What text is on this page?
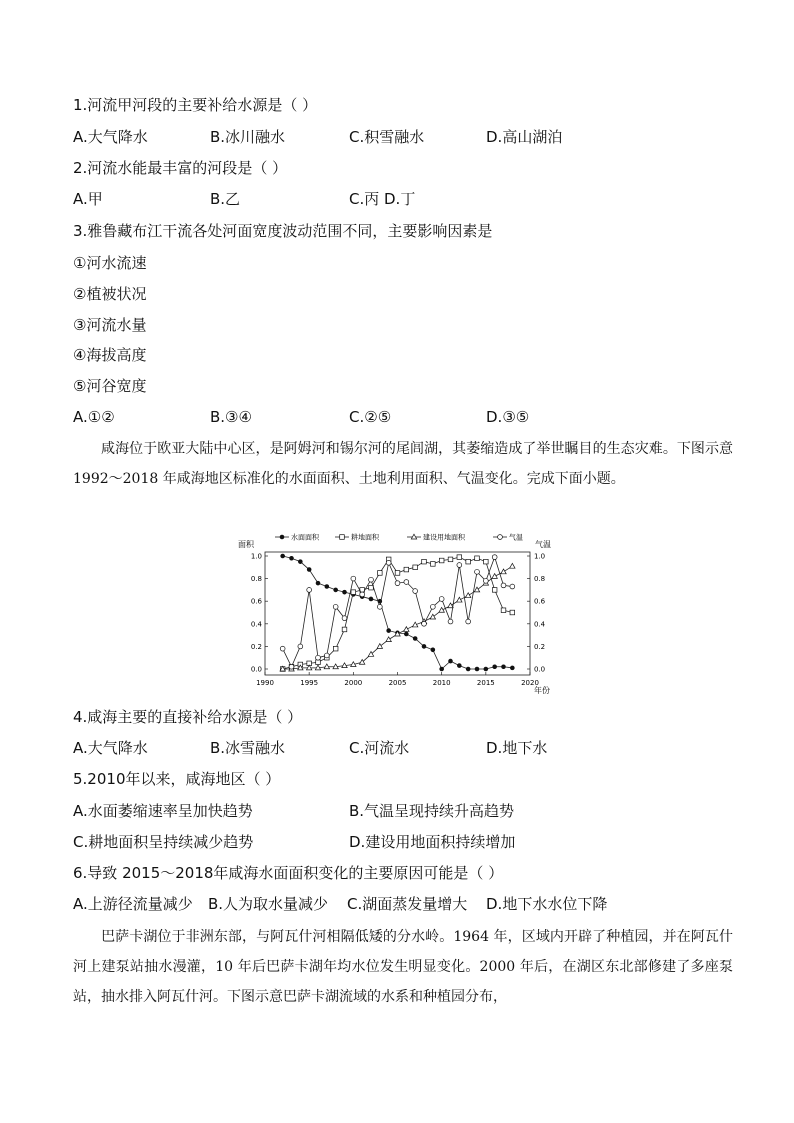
1.河流甲河段的主要补给水源是（ ）
A.大气降水	B.冰川融水	C.积雪融水	D.高山湖泊
2.河流水能最丰富的河段是（ ）
A.甲	B.乙	C.丙 D.丁
3.雅鲁藏布江干流各处河面宽度波动范围不同，主要影响因素是
①河水流速
②植被状况
③河流水量
④海拔高度
⑤河谷宽度
A.①②	B.③④	C.②⑤	D.③⑤
咸海位于欧亚大陆中心区，是阿姆河和锡尔河的尾闾湖，其萎缩造成了举世瞩目的生态灾难。下图示意 1992～2018 年咸海地区标准化的水面面积、土地利用面积、气温变化。完成下面小题。
水面面积	耕地面积	建设用地面积	气温
面积	气温
1990	1995	2000	2005	2010	2015	2020
0.0	0.0
0.2	0.2
0.4	0.4
0.6	0.6
0.8	0.8
1.0	1.0
年份
4.咸海主要的直接补给水源是（ ）
A.大气降水	B.冰雪融水	C.河流水	D.地下水
5.2010年以来，咸海地区（ ）
A.水面萎缩速率呈加快趋势	B.气温呈现持续升高趋势
C.耕地面积呈持续减少趋势	D.建设用地面积持续增加
6.导致 2015～2018年咸海水面面积变化的主要原因可能是（ ）
A.上游径流量减少 B.人为取水量减少 C.湖面蒸发量增大 D.地下水水位下降
巴萨卡湖位于非洲东部，与阿瓦什河相隔低矮的分水岭。1964 年，区域内开辟了种植园，并在阿瓦什河上建泵站抽水漫灌，10 年后巴萨卡湖年均水位发生明显变化。2000 年后，在湖区东北部修建了多座泵站，抽水排入阿瓦什河。下图示意巴萨卡湖流域的水系和种植园分布，
